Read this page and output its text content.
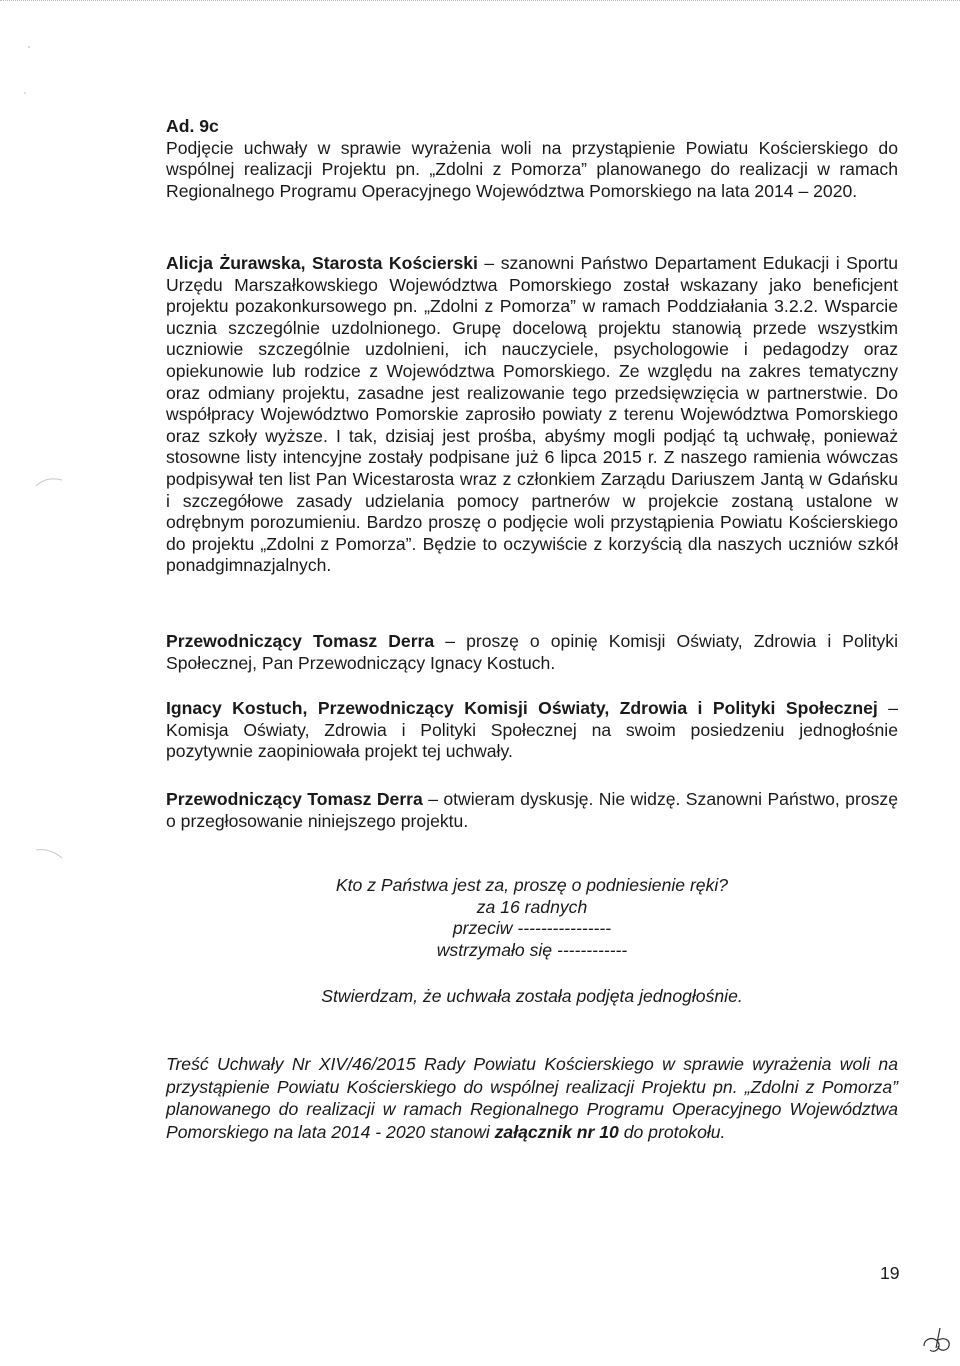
Ad. 9c
Podjęcie uchwały w sprawie wyrażenia woli na przystąpienie Powiatu Kościerskiego do wspólnej realizacji Projektu pn. „Zdolni z Pomorza” planowanego do realizacji w ramach Regionalnego Programu Operacyjnego Województwa Pomorskiego na lata 2014 – 2020.
Alicja Żurawska, Starosta Kościerski – szanowni Państwo Departament Edukacji i Sportu Urzędu Marszałkowskiego Województwa Pomorskiego został wskazany jako beneficjent projektu pozakonkursowego pn. „Zdolni z Pomorza” w ramach Poddziałania 3.2.2. Wsparcie ucznia szczególnie uzdolnionego. Grupę docelową projektu stanowią przede wszystkim uczniowie szczególnie uzdolnieni, ich nauczyciele, psychologowie i pedagodzy oraz opiekunowie lub rodzice z Województwa Pomorskiego. Ze względu na zakres tematyczny oraz odmiany projektu, zasadne jest realizowanie tego przedsięwzięcia w partnerstwie. Do współpracy Województwo Pomorskie zaprosiło powiaty z terenu Województwa Pomorskiego oraz szkoły wyższe. I tak, dzisiaj jest prośba, abyśmy mogli podjąć tą uchwałę, ponieważ stosowne listy intencyjne zostały podpisane już 6 lipca 2015 r. Z naszego ramienia wówczas podpisywał ten list Pan Wicestarosta wraz z członkiem Zarządu Dariuszem Jantą w Gdańsku i szczegółowe zasady udzielania pomocy partnerów w projekcie zostaną ustalone w odrębnym porozumieniu. Bardzo proszę o podjęcie woli przystąpienia Powiatu Kościerskiego do projektu „Zdolni z Pomorza”. Będzie to oczywiście z korzyścią dla naszych uczniów szkół ponadgimnazjalnych.
Przewodniczący Tomasz Derra – proszę o opinię Komisji Oświaty, Zdrowia i Polityki Społecznej, Pan Przewodniczący Ignacy Kostuch.
Ignacy Kostuch, Przewodniczący Komisji Oświaty, Zdrowia i Polityki Społecznej – Komisja Oświaty, Zdrowia i Polityki Społecznej na swoim posiedzeniu jednogłośnie pozytywnie zaopiniowała projekt tej uchwały.
Przewodniczący Tomasz Derra – otwieram dyskusję. Nie widzę. Szanowni Państwo, proszę o przegłosowanie niniejszego projektu.
Kto z Państwa jest za, proszę o podniesienie ręki?
za 16 radnych
przeciw ----------------
wstrzymało się ------------
Stwierdzam, że uchwała została podjęta jednogłośnie.
Treść Uchwały Nr XIV/46/2015 Rady Powiatu Kościerskiego w sprawie wyrażenia woli na przystąpienie Powiatu Kościerskiego do wspólnej realizacji Projektu pn. „Zdolni z Pomorza” planowanego do realizacji w ramach Regionalnego Programu Operacyjnego Województwa Pomorskiego na lata 2014 - 2020 stanowi załącznik nr 10 do protokołu.
19
